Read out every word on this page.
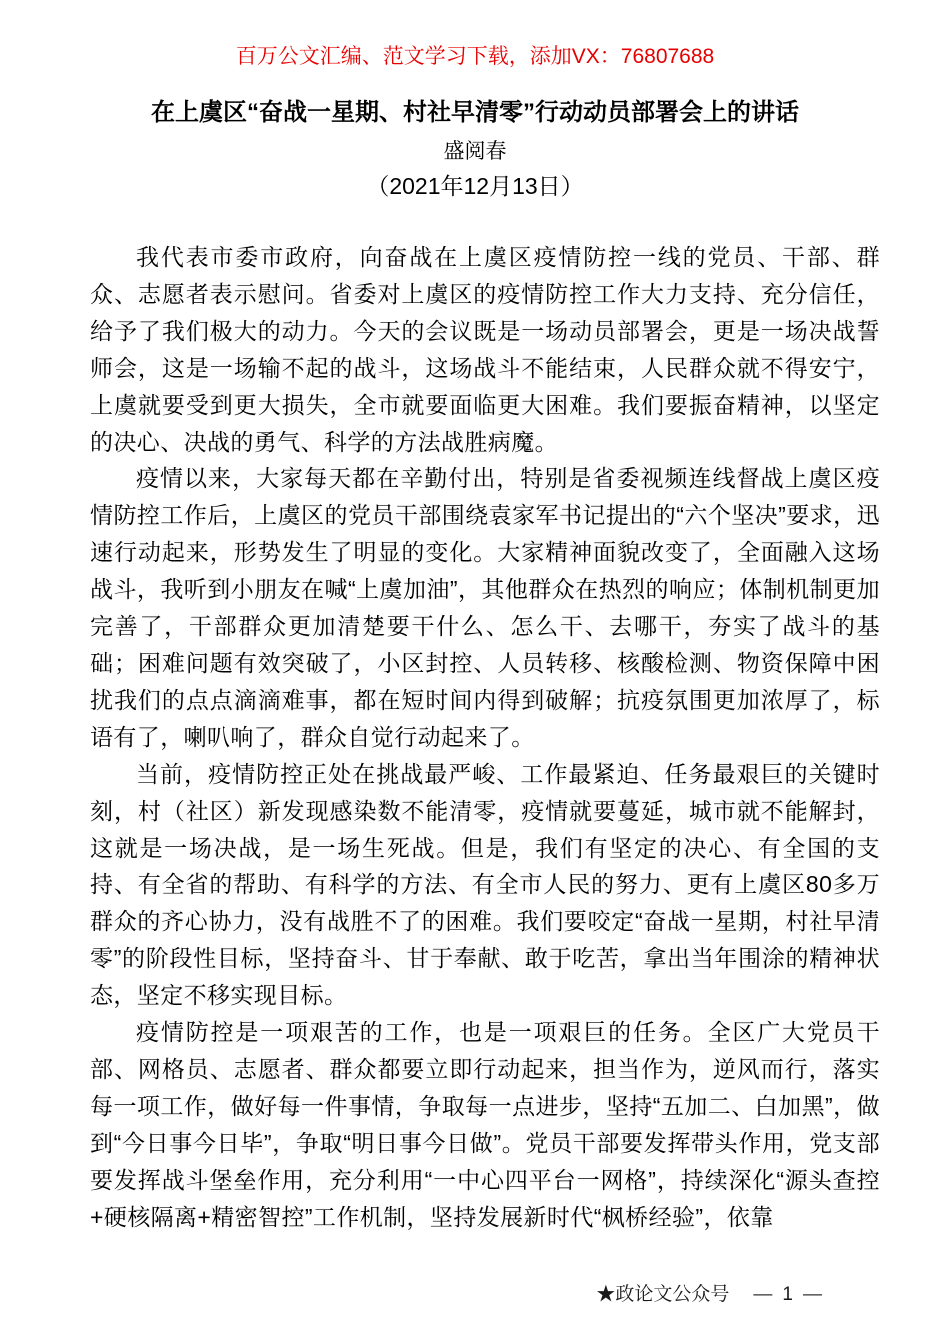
百万公文汇编、范文学习下载，添加VX：76807688
在上虞区“奋战一星期、村社早清零”行动动员部署会上的讲话
盛阅春
（2021年12月13日）

我代表市委市政府，向奋战在上虞区疫情防控一线的党员、干部、群众、志愿者表示慰问。省委对上虞区的疫情防控工作大力支持、充分信任，给予了我们极大的动力。今天的会议既是一场动员部署会，更是一场决战誓师会，这是一场输不起的战斗，这场战斗不能结束，人民群众就不得安宁，上虞就要受到更大损失，全市就要面临更大困难。我们要振奋精神，以坚定的决心、决战的勇气、科学的方法战胜病魔。

疫情以来，大家每天都在辛勤付出，特别是省委视频连线督战上虞区疫情防控工作后，上虞区的党员干部围绕袁家军书记提出的“六个坚决”要求，迅速行动起来，形势发生了明显的变化。大家精神面貌改变了，全面融入这场战斗，我听到小朋友在喊“上虞加油”，其他群众在热烈的响应；体制机制更加完善了，干部群众更加清楚要干什么、怎么干、去哪干，夯实了战斗的基础；困难问题有效突破了，小区封控、人员转移、核酸检测、物资保障中困扰我们的点点滴滴难事，都在短时间内得到破解；抗疫氛围更加浓厚了，标语有了，喇叭响了，群众自觉行动起来了。

当前，疫情防控正处在挑战最严峻、工作最紧迫、任务最艰巨的关键时刻，村（社区）新发现感染数不能清零，疫情就要蔓延，城市就不能解封，这就是一场决战，是一场生死战。但是，我们有坚定的决心、有全国的支持、有全省的帮助、有科学的方法、有全市人民的努力、更有上虞区80多万群众的齐心协力，没有战胜不了的困难。我们要咬定“奋战一星期，村社早清零”的阶段性目标，坚持奋斗、甘于奉献、敢于吃苦，拿出当年围涂的精神状态，坚定不移实现目标。

疫情防控是一项艰苦的工作，也是一项艰巨的任务。全区广大党员干部、网格员、志愿者、群众都要立即行动起来，担当作为，逆风而行，落实每一项工作，做好每一件事情，争取每一点进步，坚持“五加二、白加黑”，做到“今日事今日毕”，争取“明日事今日做”。党员干部要发挥带头作用，党支部要发挥战斗堡垒作用，充分利用“一中心四平台一网格”，持续深化“源头查控+硬核隔离+精密智控”工作机制，坚持发展新时代“枫桥经验”，依靠

★政论文公众号 — 1 —
